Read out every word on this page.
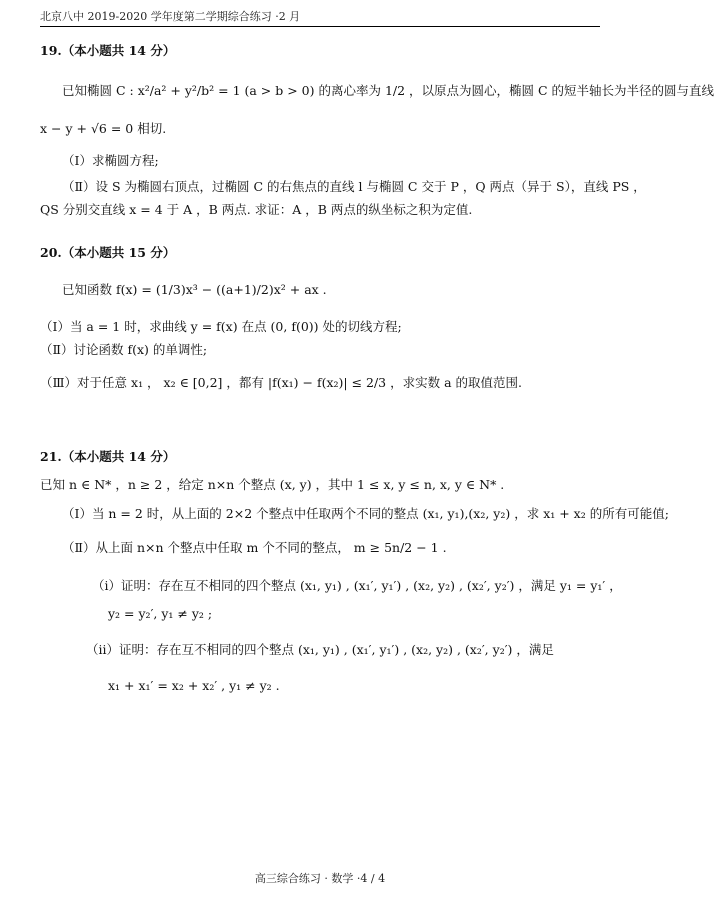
北京八中 2019-2020 学年度第二学期综合练习 ·2 月
19.（本小题共 14 分）
已知椭圆 C : x²/a² + y²/b² = 1 (a > b > 0) 的离心率为 1/2 ，以原点为圆心，椭圆 C 的短半轴长为半径的圆与直线
x − y + √6 = 0 相切.
（Ⅰ）求椭圆方程;
（Ⅱ）设 S 为椭圆右顶点，过椭圆 C 的右焦点的直线 l 与椭圆 C 交于 P ，Q 两点（异于 S），直线 PS ，
QS 分别交直线 x = 4 于 A ，B 两点. 求证：A ，B 两点的纵坐标之积为定值.
20.（本小题共 15 分）
已知函数 f(x) = (1/3)x³ − ((a+1)/2)x² + ax .
（Ⅰ）当 a = 1 时，求曲线 y = f(x) 在点 (0, f(0)) 处的切线方程;
（Ⅱ）讨论函数 f(x) 的单调性;
（Ⅲ）对于任意 x₁ ， x₂ ∈ [0,2] ，都有 |f(x₁) − f(x₂)| ≤ 2/3 ，求实数 a 的取值范围.
21.（本小题共 14 分）
已知 n ∈ N* ，n ≥ 2 ，给定 n×n 个整点 (x, y) ，其中 1 ≤ x, y ≤ n, x, y ∈ N* .
（Ⅰ）当 n = 2 时，从上面的 2×2 个整点中任取两个不同的整点 (x₁, y₁),(x₂, y₂) ，求 x₁ + x₂ 的所有可能值;
（Ⅱ）从上面 n×n 个整点中任取 m 个不同的整点， m ≥ 5n/2 − 1 .
（i）证明：存在互不相同的四个整点 (x₁, y₁) , (x₁′, y₁′) , (x₂, y₂) , (x₂′, y₂′) ，满足 y₁ = y₁′ ，
y₂ = y₂′, y₁ ≠ y₂ ;
（ii）证明：存在互不相同的四个整点 (x₁, y₁) , (x₁′, y₁′) , (x₂, y₂) , (x₂′, y₂′) ，满足
x₁ + x₁′ = x₂ + x₂′ , y₁ ≠ y₂ .
高三综合练习 · 数学 ·4 / 4
